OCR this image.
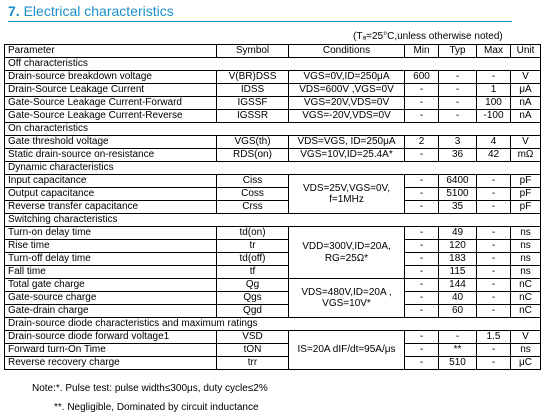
7. Electrical characteristics
(Tₐ=25°C,unless otherwise noted)
Parameter	Symbol	Conditions	Min	Typ	Max	Unit
Off characteristics						
Drain-source breakdown voltage	V(BR)DSS	VGS=0V,ID=250μA	600	-	-	V
Drain-Source Leakage Current	IDSS	VDS=600V ,VGS=0V	-	-	1	μA
Gate-Source Leakage Current-Forward	IGSSF	VGS=20V,VDS=0V	-	-	100	nA
Gate-Source Leakage Current-Reverse	IGSSR	VGS=-20V,VDS=0V	-	-	-100	nA
On characteristics						
Gate threshold voltage	VGS(th)	VDS=VGS, ID=250μA	2	3	4	V
Static drain-source on-resistance	RDS(on)	VGS=10V,ID=25.4A*	-	36	42	mΩ
Dynamic characteristics						
Input capacitance	Ciss	VDS=25V,VGS=0V, f=1MHz	-	6400	-	pF
Output capacitance	Coss		-	5100	-	pF
Reverse transfer capacitance	Crss		-	35	-	pF
Switching characteristics						
Turn-on delay time	td(on)	VDD=300V,ID=20A, RG=25Ω*	-	49	-	ns
Rise time	tr		-	120	-	ns
Turn-off delay time	td(off)		-	183	-	ns
Fall time	tf		-	115	-	ns
Total gate charge	Qg	VDS=480V,ID=20A , VGS=10V*	-	144	-	nC
Gate-source charge	Qgs		-	40	-	nC
Gate-drain charge	Qgd		-	60	-	nC
Drain-source diode characteristics and maximum ratings						
Drain-source diode forward voltage1	VSD	IS=20A dIF/dt=95A/μs	-	-	1.5	V
Forward turn-On Time	tON		-	**	-	ns
Reverse recovery charge	trr		-	510	-	μC
Note:*. Pulse test: pulse width≤300μs, duty cycle≤2%
**. Negligible, Dominated by circuit inductance
